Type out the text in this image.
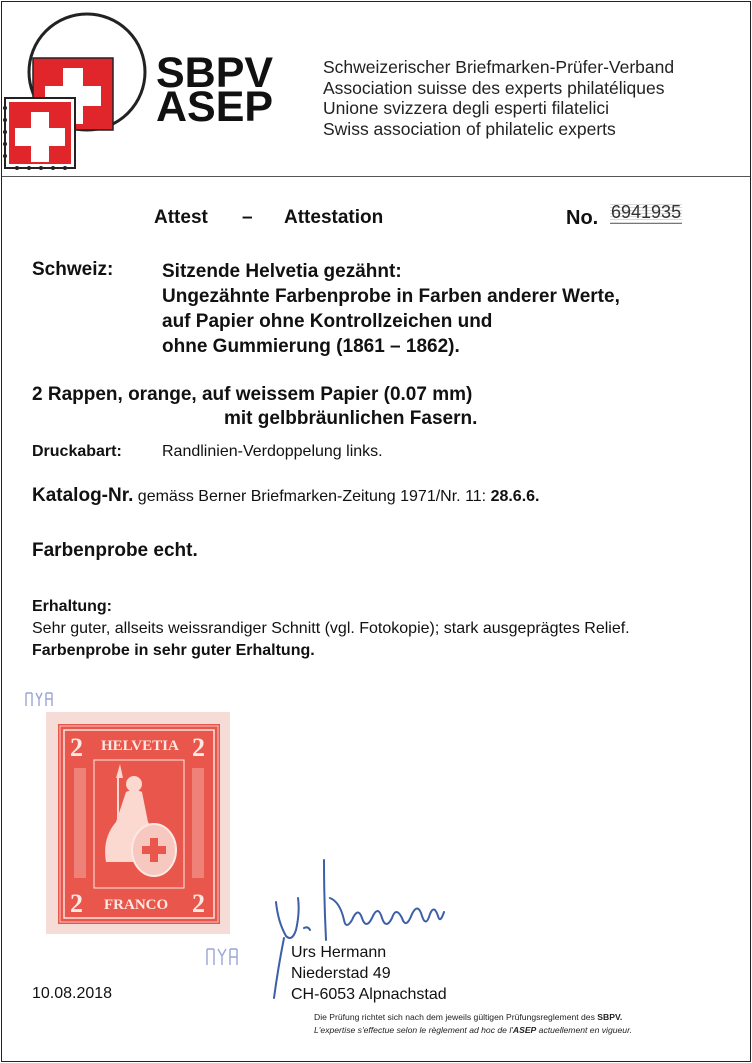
SBPV
ASEP
Schweizerischer Briefmarken-Prüfer-Verband
Association suisse des experts philatéliques
Unione svizzera degli esperti filatelici
Swiss association of philatelic experts
Attest – Attestation	No. 6941935
Schweiz:	Sitzende Helvetia gezähnt:
Ungezähnte Farbenprobe in Farben anderer Werte,
auf Papier ohne Kontrollzeichen und
ohne Gummierung (1861 – 1862).
2 Rappen, orange, auf weissem Papier (0.07 mm)
mit gelbbräunlichen Fasern.
Druckabart:	Randlinien-Verdoppelung links.
Katalog-Nr. gemäss Berner Briefmarken-Zeitung 1971/Nr. 11: 28.6.6.
Farbenprobe echt.
Erhaltung:
Sehr guter, allseits weissrandiger Schnitt (vgl. Fotokopie); stark ausgeprägtes Relief.
Farbenprobe in sehr guter Erhaltung.
2	2
2	2
HELVETIA
FRANCO
Urs Hermann
Niederstad 49
CH-6053 Alpnachstad
10.08.2018
Die Prüfung richtet sich nach dem jeweils gültigen Prüfungsreglement des SBPV.
L'expertise s'effectue selon le règlement ad hoc de l'ASEP actuellement en vigueur.
